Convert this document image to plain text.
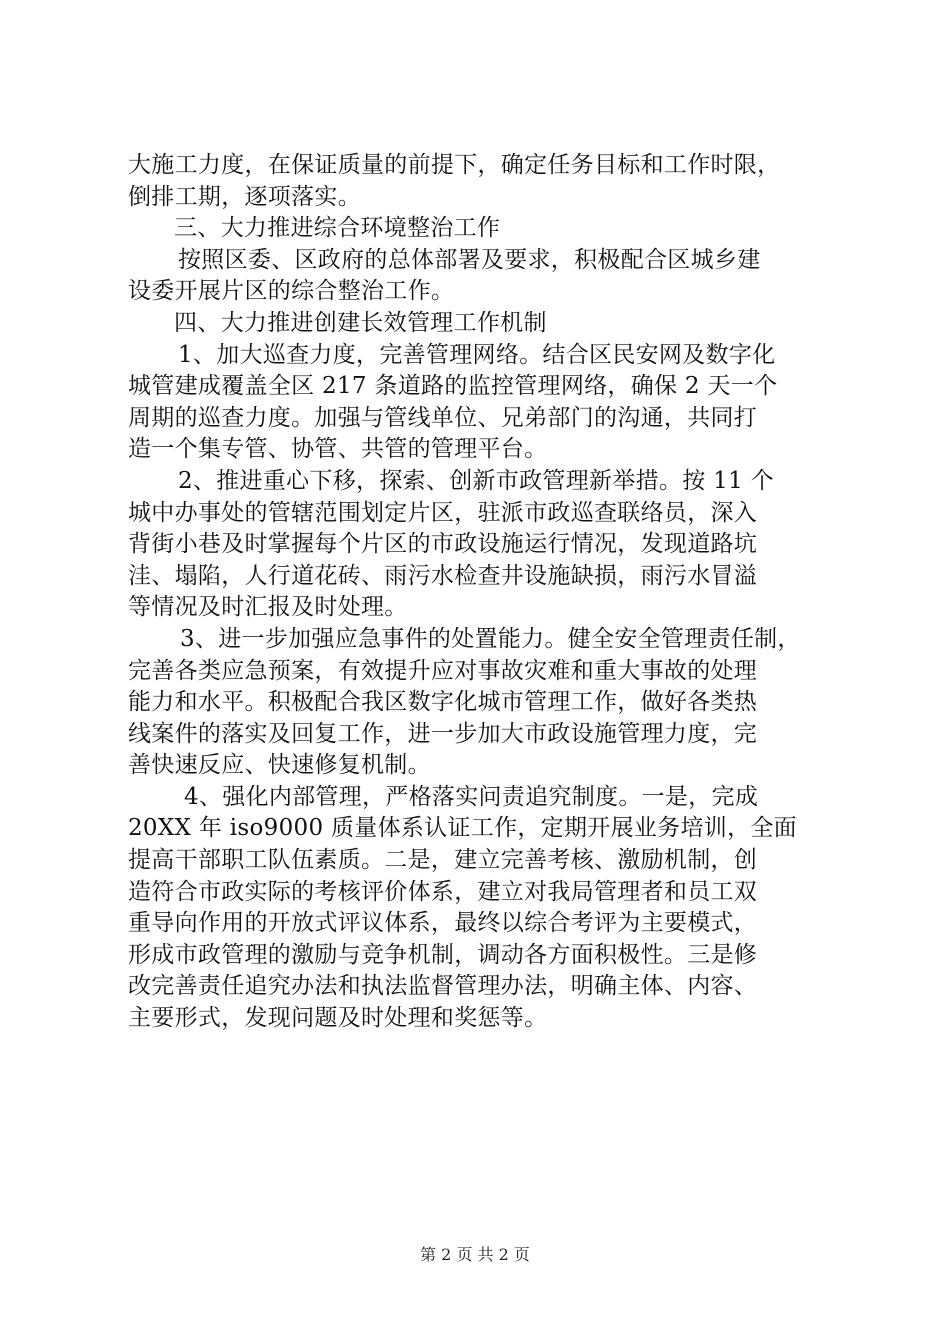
大施工力度，在保证质量的前提下，确定任务目标和工作时限，
倒排工期，逐项落实。
三、大力推进综合环境整治工作
按照区委、区政府的总体部署及要求，积极配合区城乡建
设委开展片区的综合整治工作。
四、大力推进创建长效管理工作机制
1、加大巡查力度，完善管理网络。结合区民安网及数字化
城管建成覆盖全区 217 条道路的监控管理网络，确保 2 天一个
周期的巡查力度。加强与管线单位、兄弟部门的沟通，共同打
造一个集专管、协管、共管的管理平台。
2、推进重心下移，探索、创新市政管理新举措。按 11 个
城中办事处的管辖范围划定片区，驻派市政巡查联络员，深入
背街小巷及时掌握每个片区的市政设施运行情况，发现道路坑
洼、塌陷，人行道花砖、雨污水检查井设施缺损，雨污水冒溢
等情况及时汇报及时处理。
3、进一步加强应急事件的处置能力。健全安全管理责任制，
完善各类应急预案，有效提升应对事故灾难和重大事故的处理
能力和水平。积极配合我区数字化城市管理工作，做好各类热
线案件的落实及回复工作，进一步加大市政设施管理力度，完
善快速反应、快速修复机制。
4、强化内部管理，严格落实问责追究制度。一是，完成
20XX 年 iso9000 质量体系认证工作，定期开展业务培训，全面
提高干部职工队伍素质。二是，建立完善考核、激励机制，创
造符合市政实际的考核评价体系，建立对我局管理者和员工双
重导向作用的开放式评议体系，最终以综合考评为主要模式，
形成市政管理的激励与竞争机制，调动各方面积极性。三是修
改完善责任追究办法和执法监督管理办法，明确主体、内容、
主要形式，发现问题及时处理和奖惩等。
第 2 页 共 2 页
